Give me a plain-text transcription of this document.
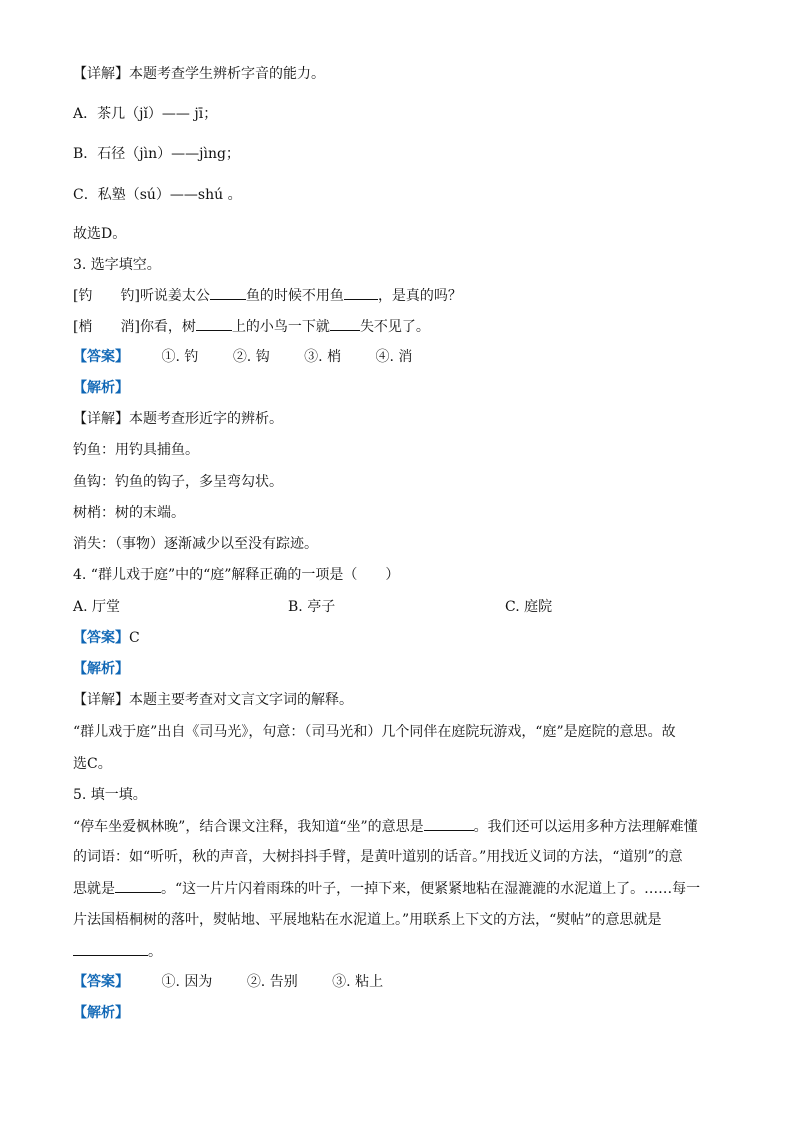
【详解】本题考查学生辨析字音的能力。
A．茶几（jǐ）—— jī；
B．石径（jìn）——jìng；
C．私塾（sú）——shú 。
故选D。
3. 选字填空。
[钓　　钓]听说姜太公	鱼的时候不用鱼 ，是真的吗？
[梢　　消]你看，树	上的小鸟一下就 失不见了。
【答案】 ①. 钓 ②. 钩 ③. 梢 ④. 消
【解析】
【详解】本题考查形近字的辨析。
钓鱼：用钓具捕鱼。
鱼钩：钓鱼的钩子，多呈弯勾状。
树梢：树的末端。
消失：（事物）逐渐减少以至没有踪迹。
4. “群儿戏于庭”中的“庭”解释正确的一项是（　　）
A. 厅堂	B. 亭子	C. 庭院
【答案】C
【解析】
【详解】本题主要考查对文言文字词的解释。
“群儿戏于庭”出自《司马光》，句意：（司马光和）几个同伴在庭院玩游戏，“庭”是庭院的意思。故
选C。
5. 填一填。
“停车坐爱枫林晚”，结合课文注释，我知道“坐”的意思是	。我们还可以运用多种方法理解难懂
的词语：如“听听，秋的声音，大树抖抖手臂，是黄叶道别的话音。”用找近义词的方法，“道别”的意
思就是	。“这一片片闪着雨珠的叶子，一掉下来，便紧紧地粘在湿漉漉的水泥道上了。……每一
片法国梧桐树的落叶，熨帖地、平展地粘在水泥道上。”用联系上下文的方法，“熨帖”的意思就是
。
【答案】 ①. 因为 ②. 告别 ③. 粘上
【解析】
